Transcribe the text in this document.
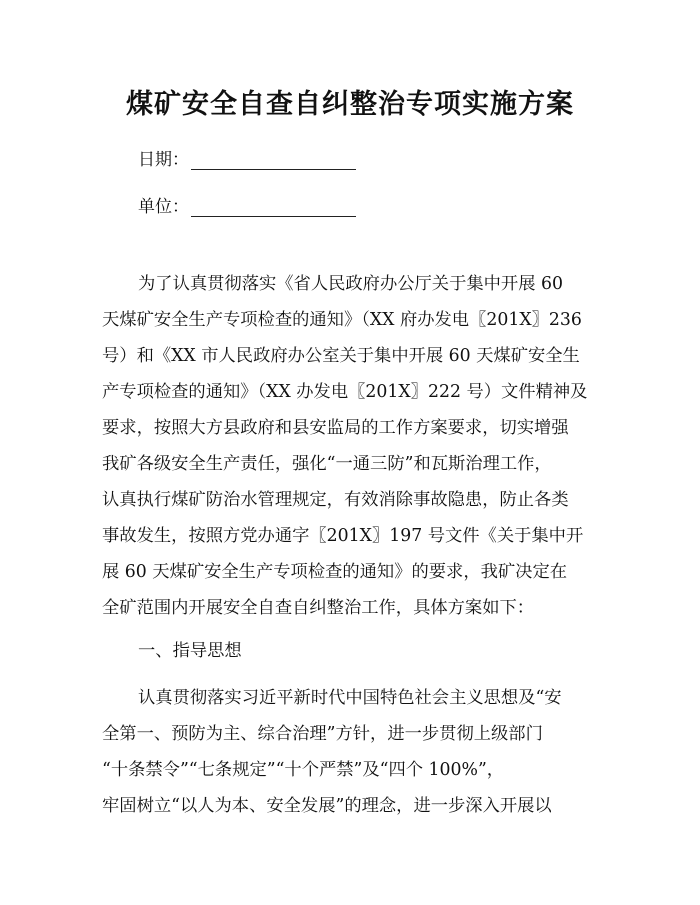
煤矿安全自查自纠整治专项实施方案
日期：
单位：
为了认真贯彻落实《省人民政府办公厅关于集中开展 60
天煤矿安全生产专项检查的通知》（XX 府办发电〖201X〗236
号）和《XX 市人民政府办公室关于集中开展 60 天煤矿安全生
产专项检查的通知》（XX 办发电〖201X〗222 号）文件精神及
要求，按照大方县政府和县安监局的工作方案要求，切实增强
我矿各级安全生产责任，强化“一通三防”和瓦斯治理工作，
认真执行煤矿防治水管理规定，有效消除事故隐患，防止各类
事故发生，按照方党办通字〖201X〗197 号文件《关于集中开
展 60 天煤矿安全生产专项检查的通知》的要求，我矿决定在
全矿范围内开展安全自查自纠整治工作，具体方案如下：
一、指导思想
认真贯彻落实习近平新时代中国特色社会主义思想及“安
全第一、预防为主、综合治理”方针，进一步贯彻上级部门
“十条禁令”“七条规定”“十个严禁”及“四个 100%”，
牢固树立“以人为本、安全发展”的理念，进一步深入开展以
